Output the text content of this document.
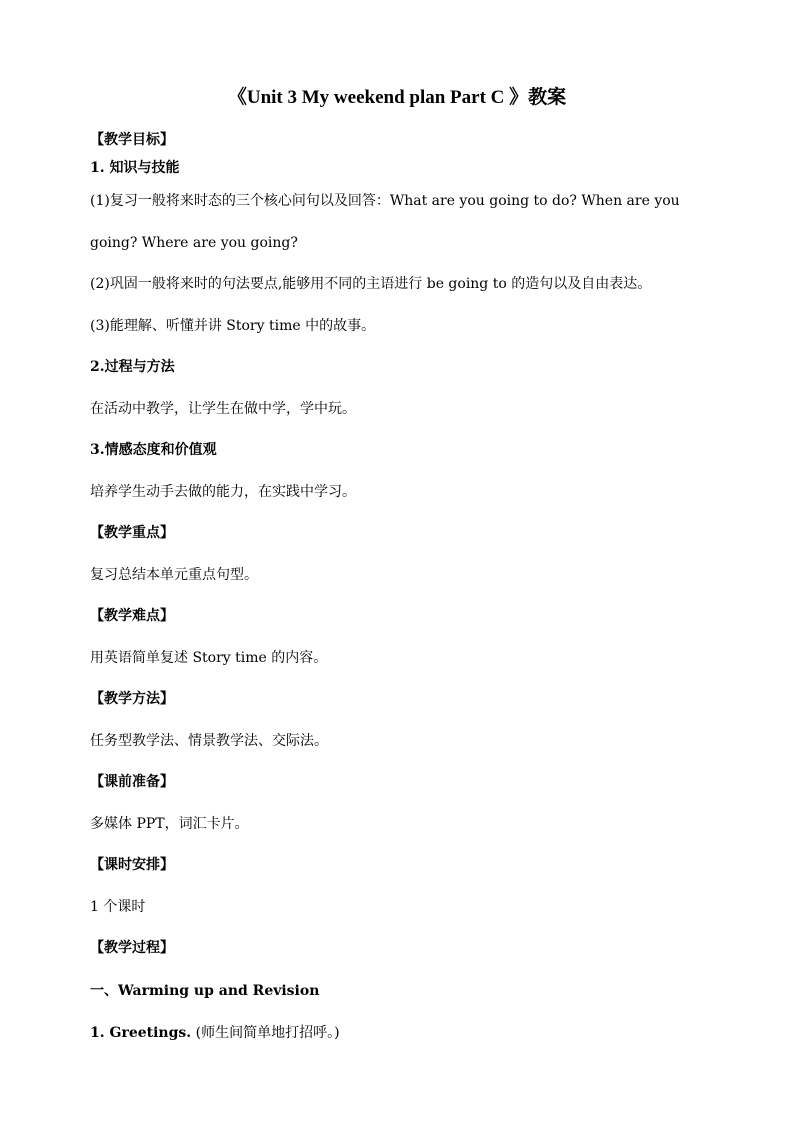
《Unit 3 My weekend plan Part C 》教案
【教学目标】
1. 知识与技能
(1)复习一般将来时态的三个核心问句以及回答：What are you going to do? When are you
going? Where are you going?
(2)巩固一般将来时的句法要点,能够用不同的主语进行 be going to 的造句以及自由表达。
(3)能理解、听懂并讲 Story time 中的故事。
2.过程与方法
在活动中教学，让学生在做中学，学中玩。
3.情感态度和价值观
培养学生动手去做的能力，在实践中学习。
【教学重点】
复习总结本单元重点句型。
【教学难点】
用英语简单复述 Story time 的内容。
【教学方法】
任务型教学法、情景教学法、交际法。
【课前准备】
多媒体 PPT，词汇卡片。
【课时安排】
1 个课时
【教学过程】
一、Warming up and Revision
1. Greetings. (师生间简单地打招呼。)
